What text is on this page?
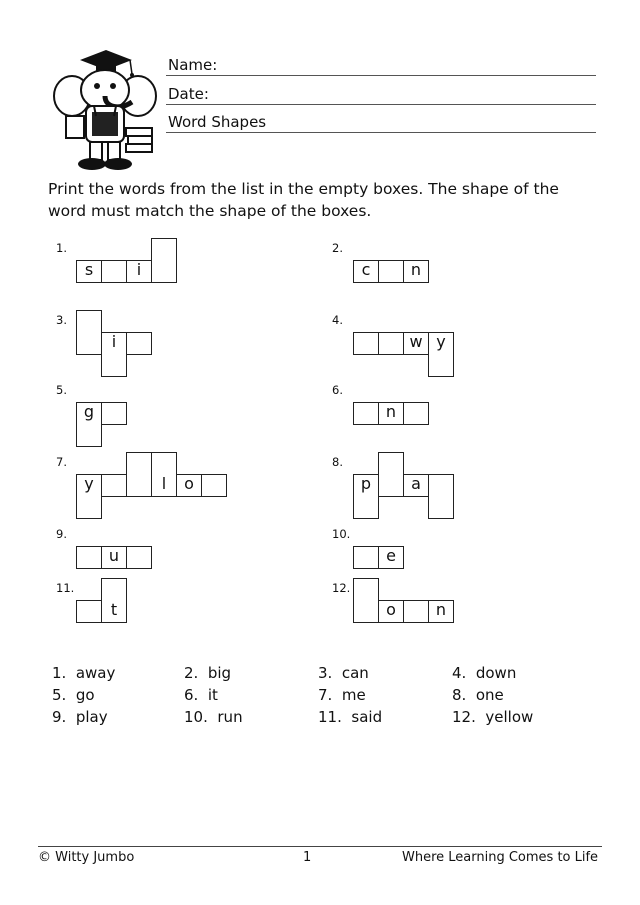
Name:
Date:
Word Shapes
Print the words from the list in the empty boxes. The shape of the word must match the shape of the boxes.
1.
s	i
2.
c	n
3.
i
4.
w y
5.
g
6.
n
7.
y	l o
8.
p	a
9.
u
10.
e
11.
t
12.
o	n
1.  away	2.  big	3.  can	4.  down
5.  go	6.  it	7.  me	8.  one
9.  play	10.  run	11.  said	12.  yellow
© Witty Jumbo	1	Where Learning Comes to Life
